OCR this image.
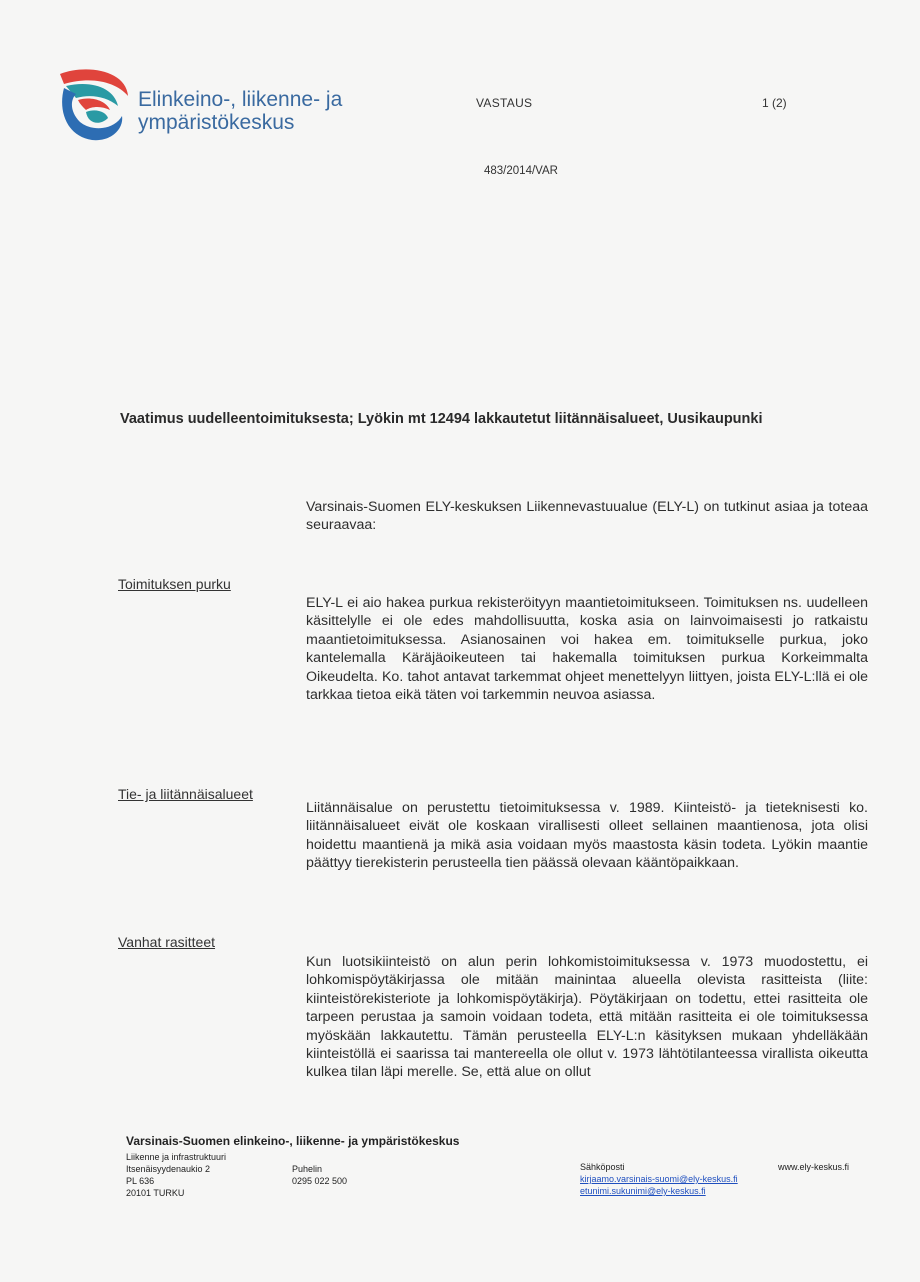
Elinkeino-, liikenne- ja
ympäristökeskus
VASTAUS	1 (2)
483/2014/VAR
Vaatimus uudelleentoimituksesta; Lyökin mt 12494 lakkautetut liitännäisalueet, Uusikaupunki
Varsinais-Suomen ELY-keskuksen Liikennevastuualue (ELY-L) on tutkinut asiaa ja toteaa seuraavaa:
Toimituksen purku
ELY-L ei aio hakea purkua rekisteröityyn maantietoimitukseen. Toimituksen ns. uudelleen käsittelylle ei ole edes mahdollisuutta, koska asia on lainvoimaisesti jo ratkaistu maantietoimituksessa. Asianosainen voi hakea em. toimitukselle purkua, joko kantelemalla Käräjäoikeuteen tai hakemalla toimituksen purkua Korkeimmalta Oikeudelta. Ko. tahot antavat tarkemmat ohjeet menettelyyn liittyen, joista ELY-L:llä ei ole tarkkaa tietoa eikä täten voi tarkemmin neuvoa asiassa.
Tie- ja liitännäisalueet
Liitännäisalue on perustettu tietoimituksessa v. 1989. Kiinteistö- ja tieteknisesti ko. liitännäisalueet eivät ole koskaan virallisesti olleet sellainen maantienosa, jota olisi hoidettu maantienä ja mikä asia voidaan myös maastosta käsin todeta. Lyökin maantie päättyy tierekisterin perusteella tien päässä olevaan kääntöpaikkaan.
Vanhat rasitteet
Kun luotsikiinteistö on alun perin lohkomistoimituksessa v. 1973 muodostettu, ei lohkomispöytäkirjassa ole mitään mainintaa alueella olevista rasitteista (liite: kiinteistörekisteriote ja lohkomispöytäkirja). Pöytäkirjaan on todettu, ettei rasitteita ole tarpeen perustaa ja samoin voidaan todeta, että mitään rasitteita ei ole toimituksessa myöskään lakkautettu. Tämän perusteella ELY-L:n käsityksen mukaan yhdelläkään kiinteistöllä ei saarissa tai mantereella ole ollut v. 1973 lähtötilanteessa virallista oikeutta kulkea tilan läpi merelle. Se, että alue on ollut
Varsinais-Suomen elinkeino-, liikenne- ja ympäristökeskus
Liikenne ja infrastruktuuri
Itsenäisyydenaukio 2
PL 636
20101 TURKU
Puhelin
0295 022 500
Sähköposti
kirjaamo.varsinais-suomi@ely-keskus.fi
etunimi.sukunimi@ely-keskus.fi
www.ely-keskus.fi
